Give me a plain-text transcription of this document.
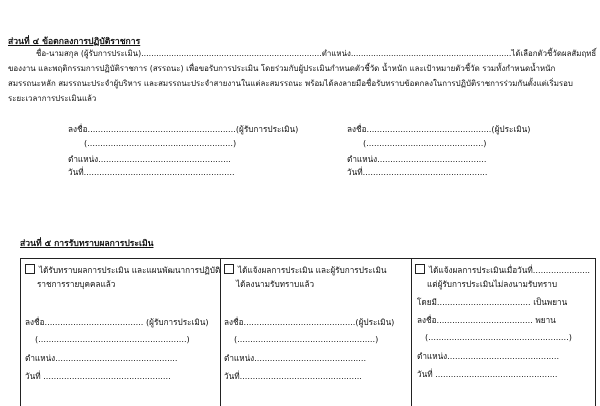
ส่วนที่ ๔ ข้อตกลงการปฏิบัติราชการ
ชื่อ-นามสกุล (ผู้รับการประเมิน)........................................................................ตำแหน่ง................................................................ได้เลือกตัวชี้วัดผลสัมฤทธิ์
ของงาน และพฤติกรรมการปฏิบัติราชการ (สรรถนะ) เพื่อขอรับการประเมิน โดยร่วมกับผู้ประเมินกำหนดตัวชี้วัด น้ำหนัก และเป้าหมายตัวชี้วัด รวมทั้งกำหนดน้ำหนัก
สมรรถนะหลัก สมรรถนะประจำผู้บริหาร และสมรรถนะประจำสายงานในแต่ละสมรรถนะ พร้อมได้ลงลายมือชื่อรับทราบข้อตกลงในการปฏิบัติราชการร่วมกันตั้งแต่เริ่มรอบ
ระยะเวลาการประเมินแล้ว
ลงชื่อ.........................................................(ผู้รับการประเมิน)
(........................................................)
ตำแหน่ง...................................................
วันที่..........................................................
ลงชื่อ................................................(ผู้ประเมิน)
(.............................................)
ตำแหน่ง..........................................
วันที่................................................
ส่วนที่ ๕ การรับทราบผลการประเมิน
ได้รับทราบผลการประเมิน และแผนพัฒนาการปฏิบัติ
ราชการรายบุคคลแล้ว
ลงชื่อ...................................... (ผู้รับการประเมิน)
(.........................................................)
ตำแหน่ง...............................................
วันที่ .................................................
ได้แจ้งผลการประเมิน และผู้รับการประเมิน
ได้ลงนามรับทราบแล้ว
ลงชื่อ...........................................(ผู้ประเมิน)
(.....................................................)
ตำแหน่ง...........................................
วันที่...............................................
ได้แจ้งผลการประเมินเมื่อวันที่......................
แต่ผู้รับการประเมินไม่ลงนามรับทราบ
โดยมี.................................... เป็นพยาน
ลงชื่อ..................................... พยาน
(......................................................)
ตำแหน่ง...........................................
วันที่ ...............................................
